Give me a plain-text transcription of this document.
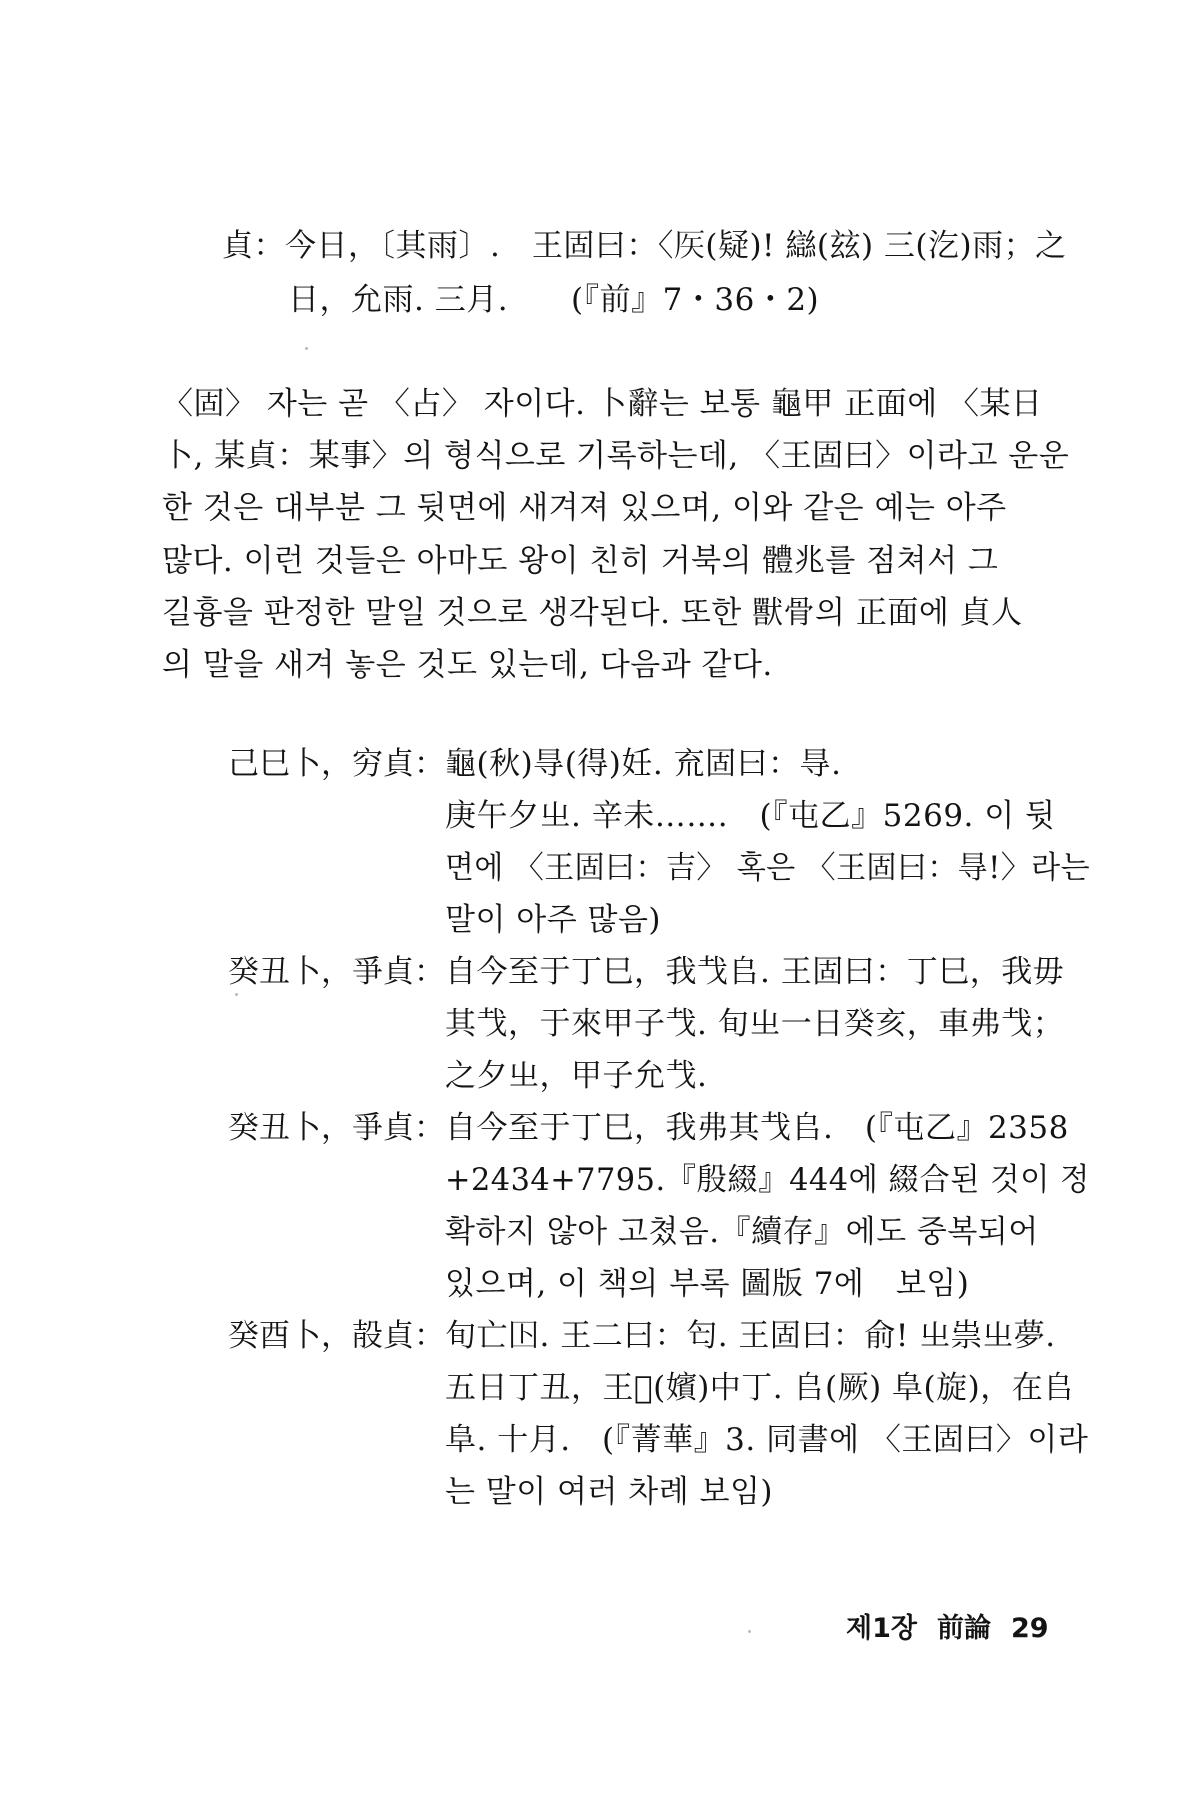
貞：今日，〔其雨〕.　王固曰：〈𥎦(疑)! 䜌(玆) 三(汔)雨；之
日，允雨. 三月.　　(『前』7・36・2)
〈固〉 자는 곧 〈占〉 자이다. 卜辭는 보통 龜甲 正面에 〈某日
卜, 某貞：某事〉의 형식으로 기록하는데, 〈王固曰〉이라고 운운
한 것은 대부분 그 뒷면에 새겨져 있으며, 이와 같은 예는 아주
많다. 이런 것들은 아마도 왕이 친히 거북의 體兆를 점쳐서 그
길흉을 판정한 말일 것으로 생각된다. 또한 獸骨의 正面에 貞人
의 말을 새겨 놓은 것도 있는데, 다음과 같다.
己巳卜，穷貞： 龜(秋)㝵(得)妊. 㐬固曰：㝵.
庚午夕㞢. 辛未…….　(『屯乙』5269. 이 뒷
면에 〈王固曰：吉〉 혹은 〈王固曰：㝵!〉라는
말이 아주 많음)
癸丑卜，爭貞： 自今至于丁巳，我𢦏𠂤. 王固曰：丁巳，我毋
其𢦏，于來甲子𢦏. 旬㞢一日癸亥，車弗𢦏；
之夕㞢，甲子允𢦏.
癸丑卜，爭貞： 自今至于丁巳，我弗其𢦏𠂤.　(『屯乙』2358
+2434+7795.『殷綴』444에 綴合된 것이 정
확하지 않아 고쳤음.『續存』에도 중복되어
있으며, 이 책의 부록 圖版 7에　보임)
癸酉卜，㱿貞： 旬亡𡆥. 王二曰：匄. 王固曰：俞! 㞢祟㞢夢.
五日丁丑，王𡧊(嬪)中丁. 𠂤(厥) 阜(旋)，在𠂤
阜. 十月.　(『菁華』3. 同書에 〈王固曰〉이라
는 말이 여러 차례 보임)
제1장 前論 29
